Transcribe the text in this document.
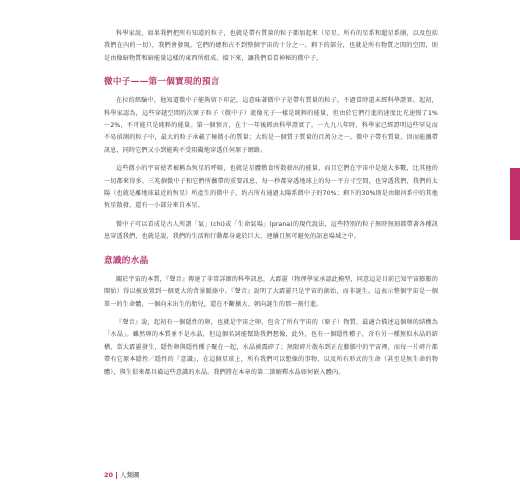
科學家說，如果我們把所有知道的粒子，也就是帶有質量的粒子都加起來（星星、所有的星系和超星系團，以及包括我們在內的一切），我們會發現，它們的總和占不到整個宇宙的十分之一。剩下的部分，也就是所有物質之間的空間，則是由像暗物質和暗能量這樣的東西所組成。接下來，讓我們看看神秘的微中子。

微中子——第一個實現的預言

在拉的經驗中，他知道微中子能夠留下印記，這意味著微中子是帶有質量的粒子，不過當時還未經科學證實。起初，科學家認為，這些穿越空間的次原子粒子（微中子）流像光子一樣是純粹的能量，但由於它們行進的速度比光速慢了1%～2%，不可能只是純粹的能量。第一個預言，在十一年後經由科學證實了。一九九八年時，科學家已經證明這些罕見而不易偵測的粒子中，最大的粒子承載了極微小的質量；大約是一個質子質量的百萬分之一。微中子帶有質量，因而能攜帶訊息，同時它們又小到能夠不受阻礙地穿透任何原子網路。

這些微小的宇宙使者被稱為恆星的呼吸，也就是星體燃食所散發出的能量，而且它們在宇宙中是絕大多數，比其他的一切都來得多。三兆個微中子和它們所攜帶的重要訊息，每一秒都穿透地球上的每一平方寸空間，也穿透我們，我們的太陽（也就是離地球最近的恆星）所產生的微中子，約占所有通過太陽系微中子的70%；剩下的30%則是由銀河系中的其他恆星散發，還有一小部分來自本星。

微中子可以看成是古人所謂「氣」(chi)或「生命氣場」(prana)的現代說法，這些特別的粒子無時無刻都帶著各種訊息穿透我們，也就是說，我們的生活和行動都身處於巨大、連續且無可避免的訊息場域之中。

意識的水晶

關於宇宙的本質，『聲音』傳達了非常詳細的科學訊息，大霹靂（物理學家承認此模型，同意這是目前已知宇宙膨脹的開始）得以被放置到一個更大的背景脈絡中。『聲音』說明了大霹靂只是宇宙的創始，而非誕生。這表示整個宇宙是一個單一的生命體，一個向未出生的胎兒，還在不斷擴大、朝向誕生的那一刻行進。

『聲音』說，起初有一個隱性的卵，也就是宇宙之卵，包含了所有宇宙的（原子）物質，最適合描述這個卵的結構為「水晶」。雖然卵的本質並不是水晶，但這個名詞能幫助我們想像，此外，也有一個隱性種子，含有另一種無似水晶的結構，當大霹靂發生，隱性卵與隱性種子聚在一起，水晶被震碎了；無限碎片散布到正在膨脹中的宇宙裡，而每一片碎片都帶有它原本隱性／隱性的『意識』，在這個星球上，所有我們可以想像的事物，以及所有形式的生命（甚至是無生命的物體），與生俱來都具備這些意識的水晶。我們將在本章的第二節解釋水晶如何嵌入體內。

20 人類圖
